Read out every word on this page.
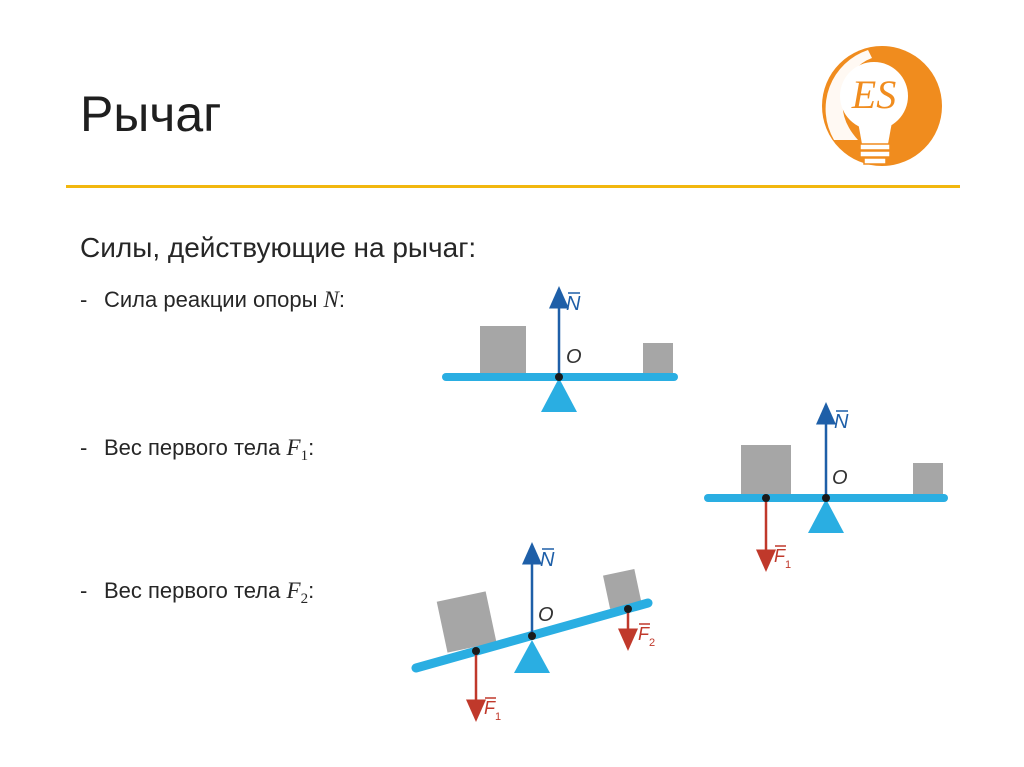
Рычаг	ES
Силы, действующие на рычаг:
- Сила реакции опоры N:
- Вес первого тела $F_1$:
- Вес первого тела $F_2$:
O
N
O
N
F 1
O
N
F 1
F 2
